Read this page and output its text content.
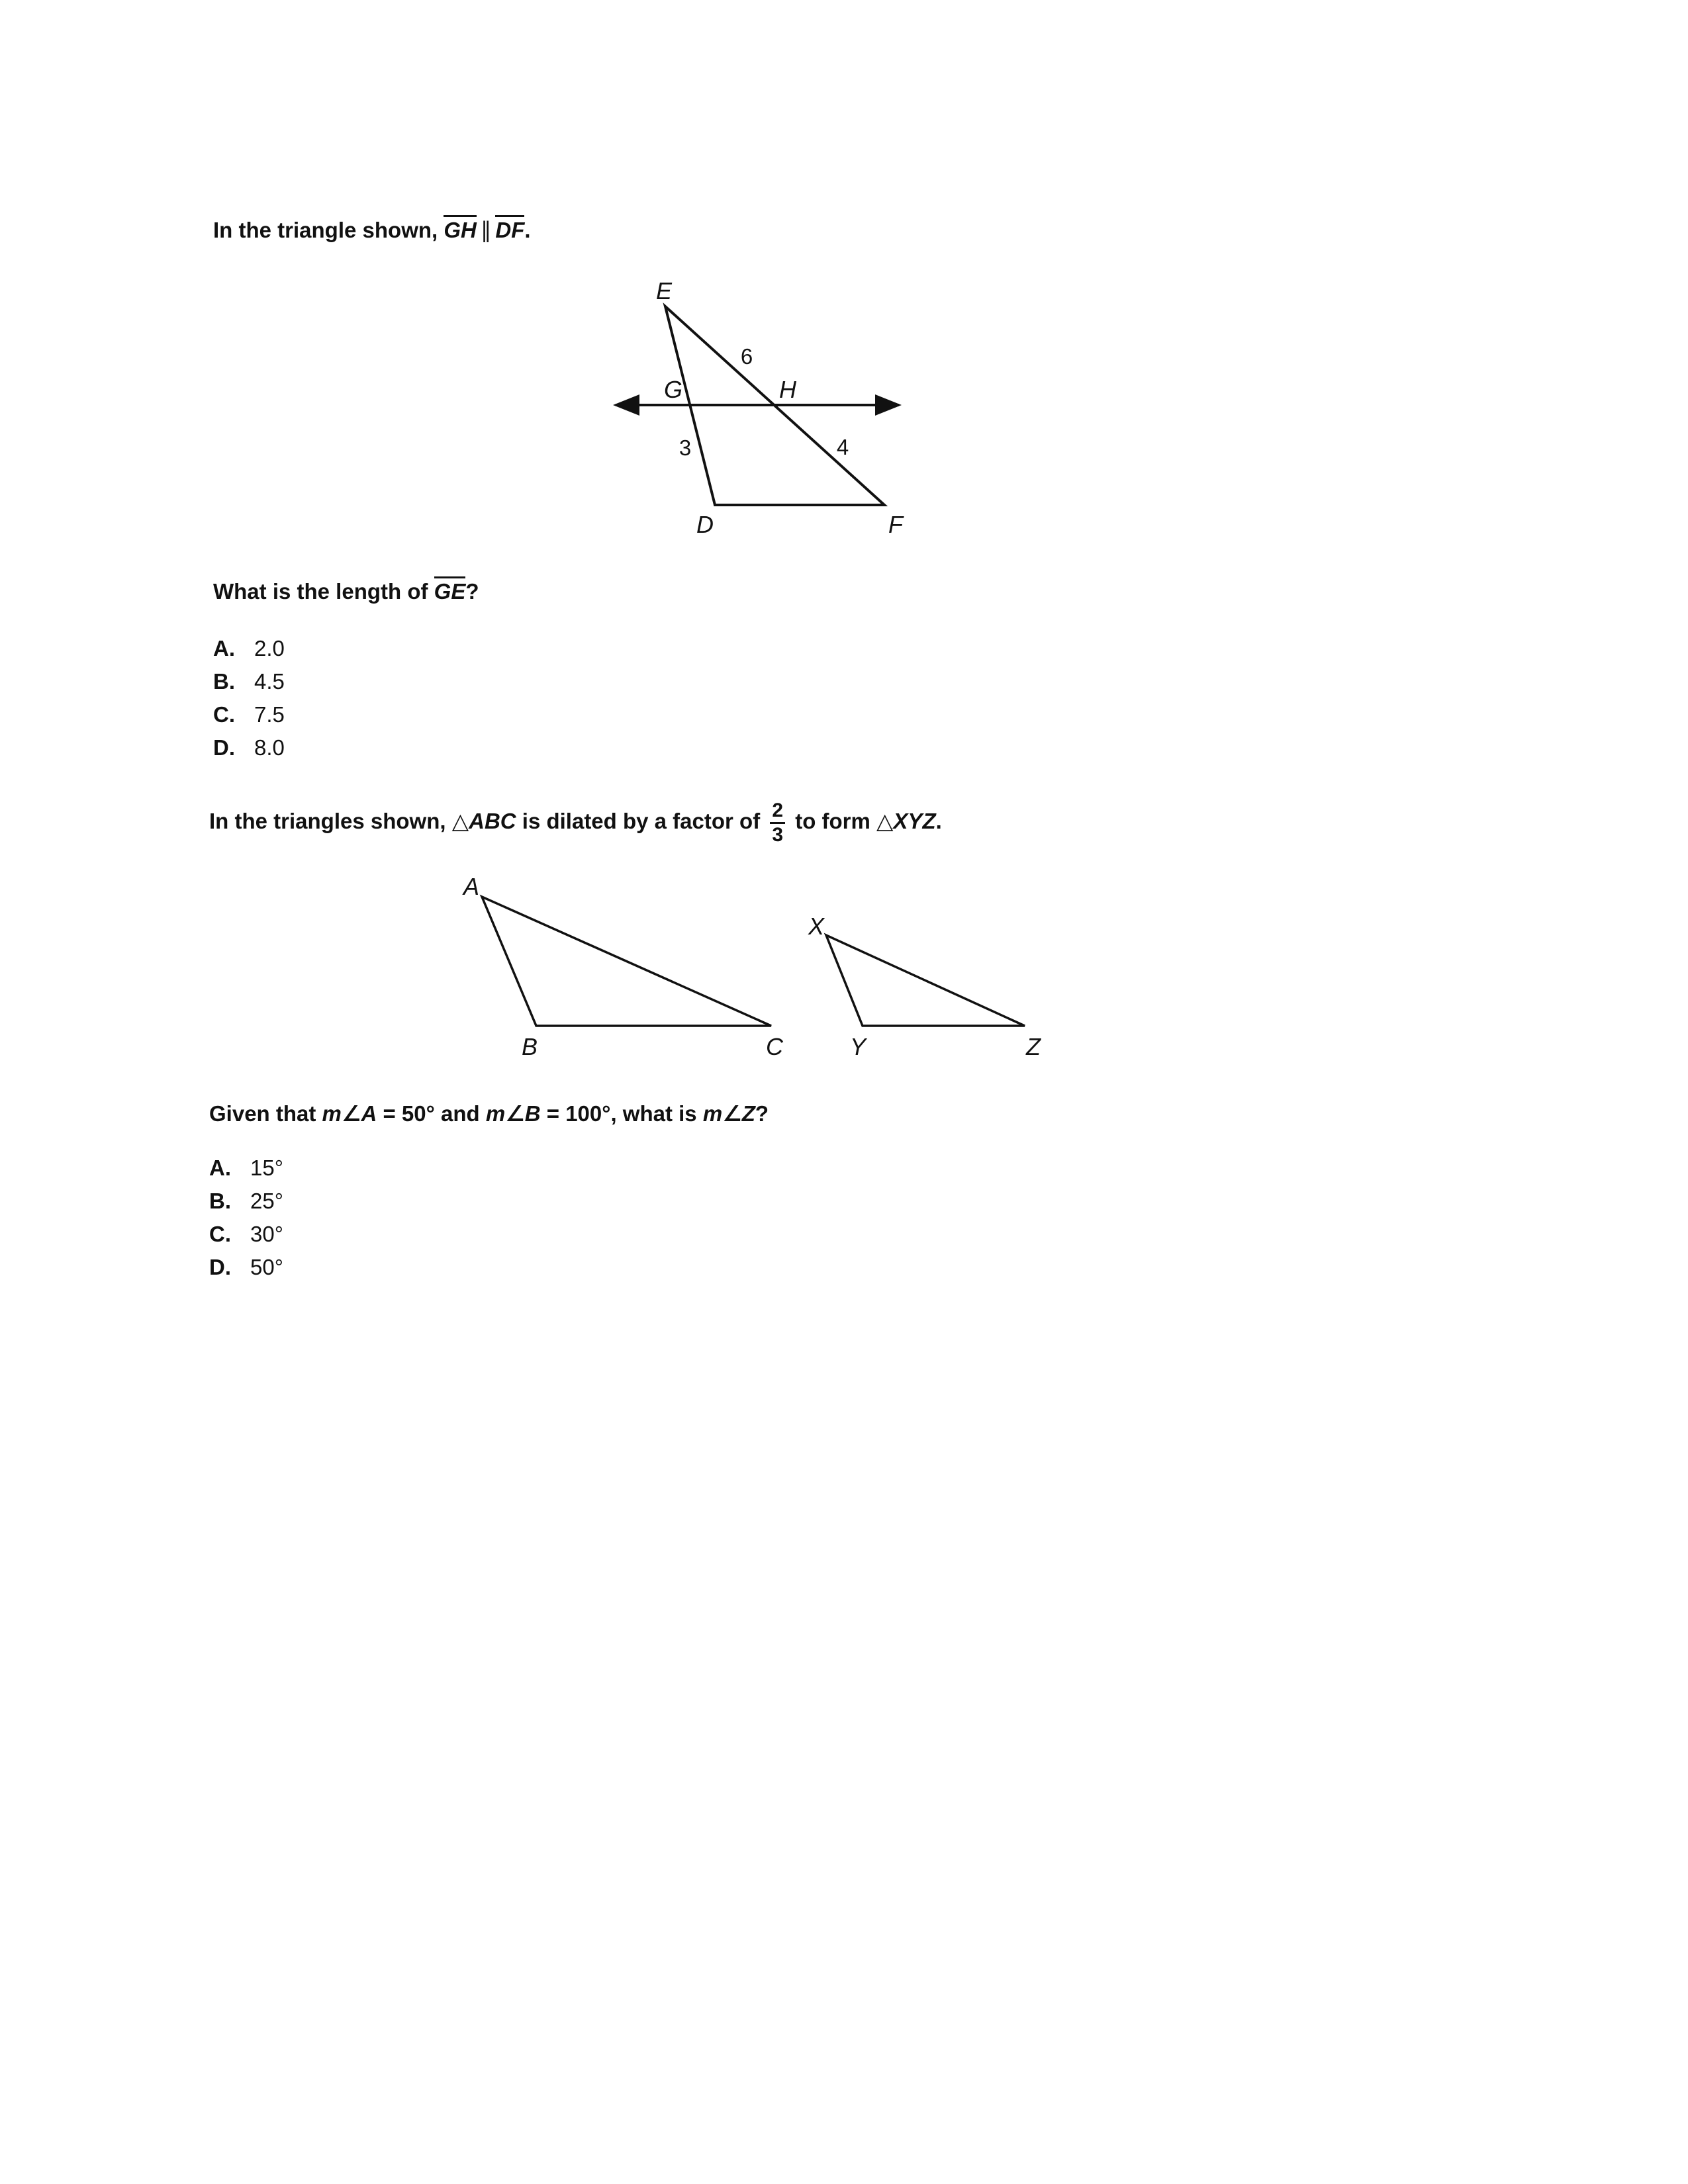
In the triangle shown, GH ∥ DF.
E
G	H
D	F
6
3	4
What is the length of GE?
A. 2.0
B. 4.5
C. 7.5
D. 8.0
In the triangles shown, △ABC is dilated by a factor of $\frac{2}{3}$ to form △XYZ.
A
B	C
X
Y	Z
Given that m∠A = 50° and m∠B = 100°, what is m∠Z?
A. 15°
B. 25°
C. 30°
D. 50°
